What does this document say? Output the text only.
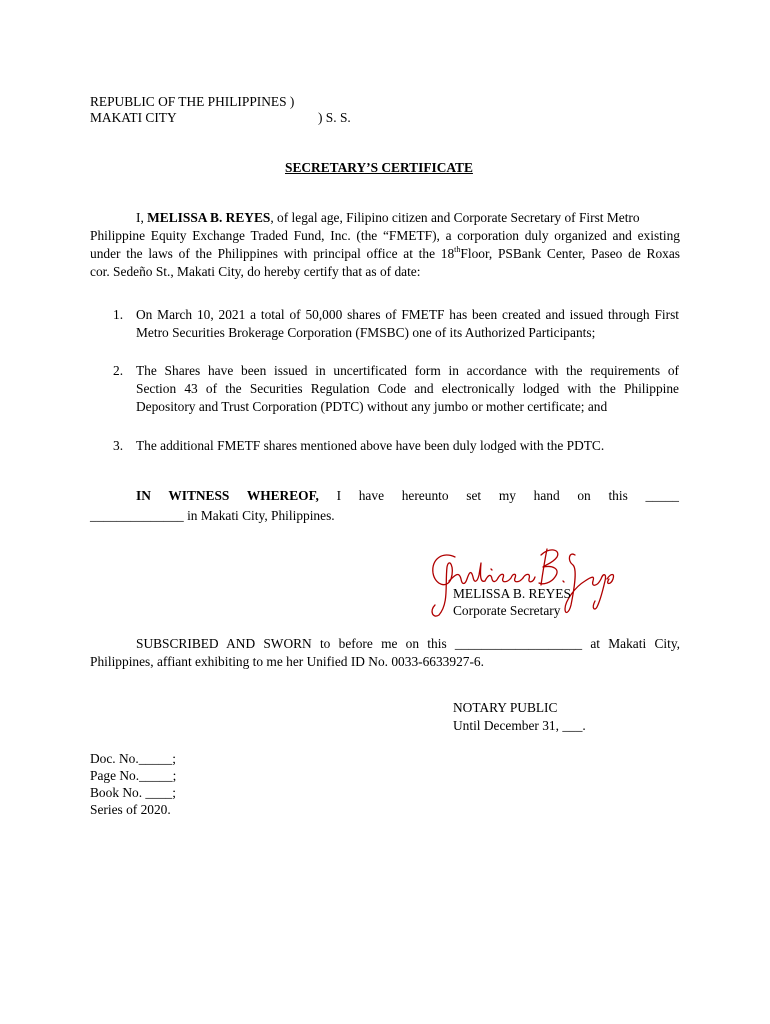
REPUBLIC OF THE PHILIPPINES )
MAKATI CITY	) S. S.
SECRETARY’S CERTIFICATE
I, MELISSA B. REYES, of legal age, Filipino citizen and Corporate Secretary of First Metro
Philippine Equity Exchange Traded Fund, Inc. (the “FMETF), a corporation duly organized and existing
under the laws of the Philippines with principal office at the 18thFloor, PSBank Center, Paseo de Roxas
cor. Sedeño St., Makati City, do hereby certify that as of date:
1. On March 10, 2021 a total of 50,000 shares of FMETF has been created and issued through First
Metro Securities Brokerage Corporation (FMSBC) one of its Authorized Participants;
2. The Shares have been issued in uncertificated form in accordance with the requirements of
Section 43 of the Securities Regulation Code and electronically lodged with the Philippine
Depository and Trust Corporation (PDTC) without any jumbo or mother certificate; and
3. The additional FMETF shares mentioned above have been duly lodged with the PDTC.
IN WITNESS WHEREOF, I have hereunto set my hand on this _____
______________ in Makati City, Philippines.
MELISSA B. REYES
Corporate Secretary
SUBSCRIBED AND SWORN to before me on this ___________________ at Makati City,
Philippines, affiant exhibiting to me her Unified ID No. 0033-6633927-6.
NOTARY PUBLIC
Until December 31, ___.
Doc. No._____;
Page No._____;
Book No. ____;
Series of 2020.
